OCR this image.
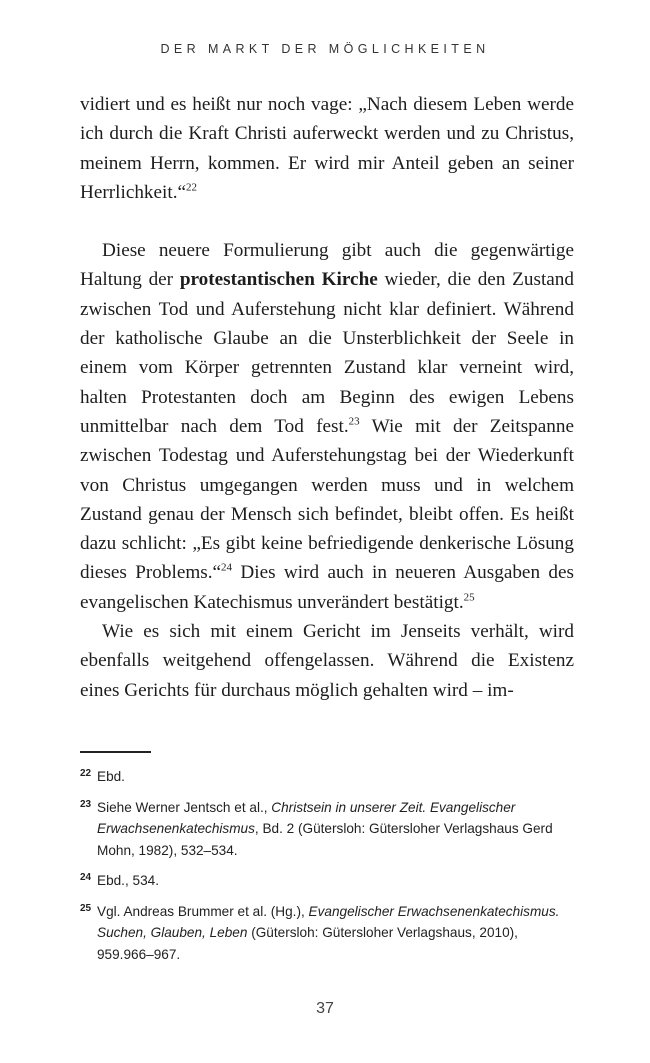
DER MARKT DER MÖGLICHKEITEN

vidiert und es heißt nur noch vage: „Nach diesem Leben werde ich durch die Kraft Christi auferweckt werden und zu Christus, meinem Herrn, kommen. Er wird mir Anteil geben an seiner Herrlichkeit.“$^{22}$

Diese neuere Formulierung gibt auch die gegenwärtige Haltung der protestantischen Kirche wieder, die den Zustand zwischen Tod und Auferstehung nicht klar definiert. Während der katholische Glaube an die Unsterblichkeit der Seele in einem vom Körper getrennten Zustand klar verneint wird, halten Protestanten doch am Beginn des ewigen Lebens unmittelbar nach dem Tod fest.$^{23}$ Wie mit der Zeitspanne zwischen Todestag und Auferstehungstag bei der Wiederkunft von Christus umgegangen werden muss und in welchem Zustand genau der Mensch sich befindet, bleibt offen. Es heißt dazu schlicht: „Es gibt keine befriedigende denkerische Lösung dieses Problems.“$^{24}$ Dies wird auch in neueren Ausgaben des evangelischen Katechismus unverändert bestätigt.$^{25}$

Wie es sich mit einem Gericht im Jenseits verhält, wird ebenfalls weitgehend offengelassen. Während die Existenz eines Gerichts für durchaus möglich gehalten wird – im-

22 Ebd.
23 Siehe Werner Jentsch et al., Christsein in unserer Zeit. Evangelischer Erwachsenenkatechismus, Bd. 2 (Gütersloh: Gütersloher Verlagshaus Gerd Mohn, 1982), 532–534.
24 Ebd., 534.
25 Vgl. Andreas Brummer et al. (Hg.), Evangelischer Erwachsenenkatechismus. Suchen, Glauben, Leben (Gütersloh: Gütersloher Verlagshaus, 2010), 959.966–967.
37
